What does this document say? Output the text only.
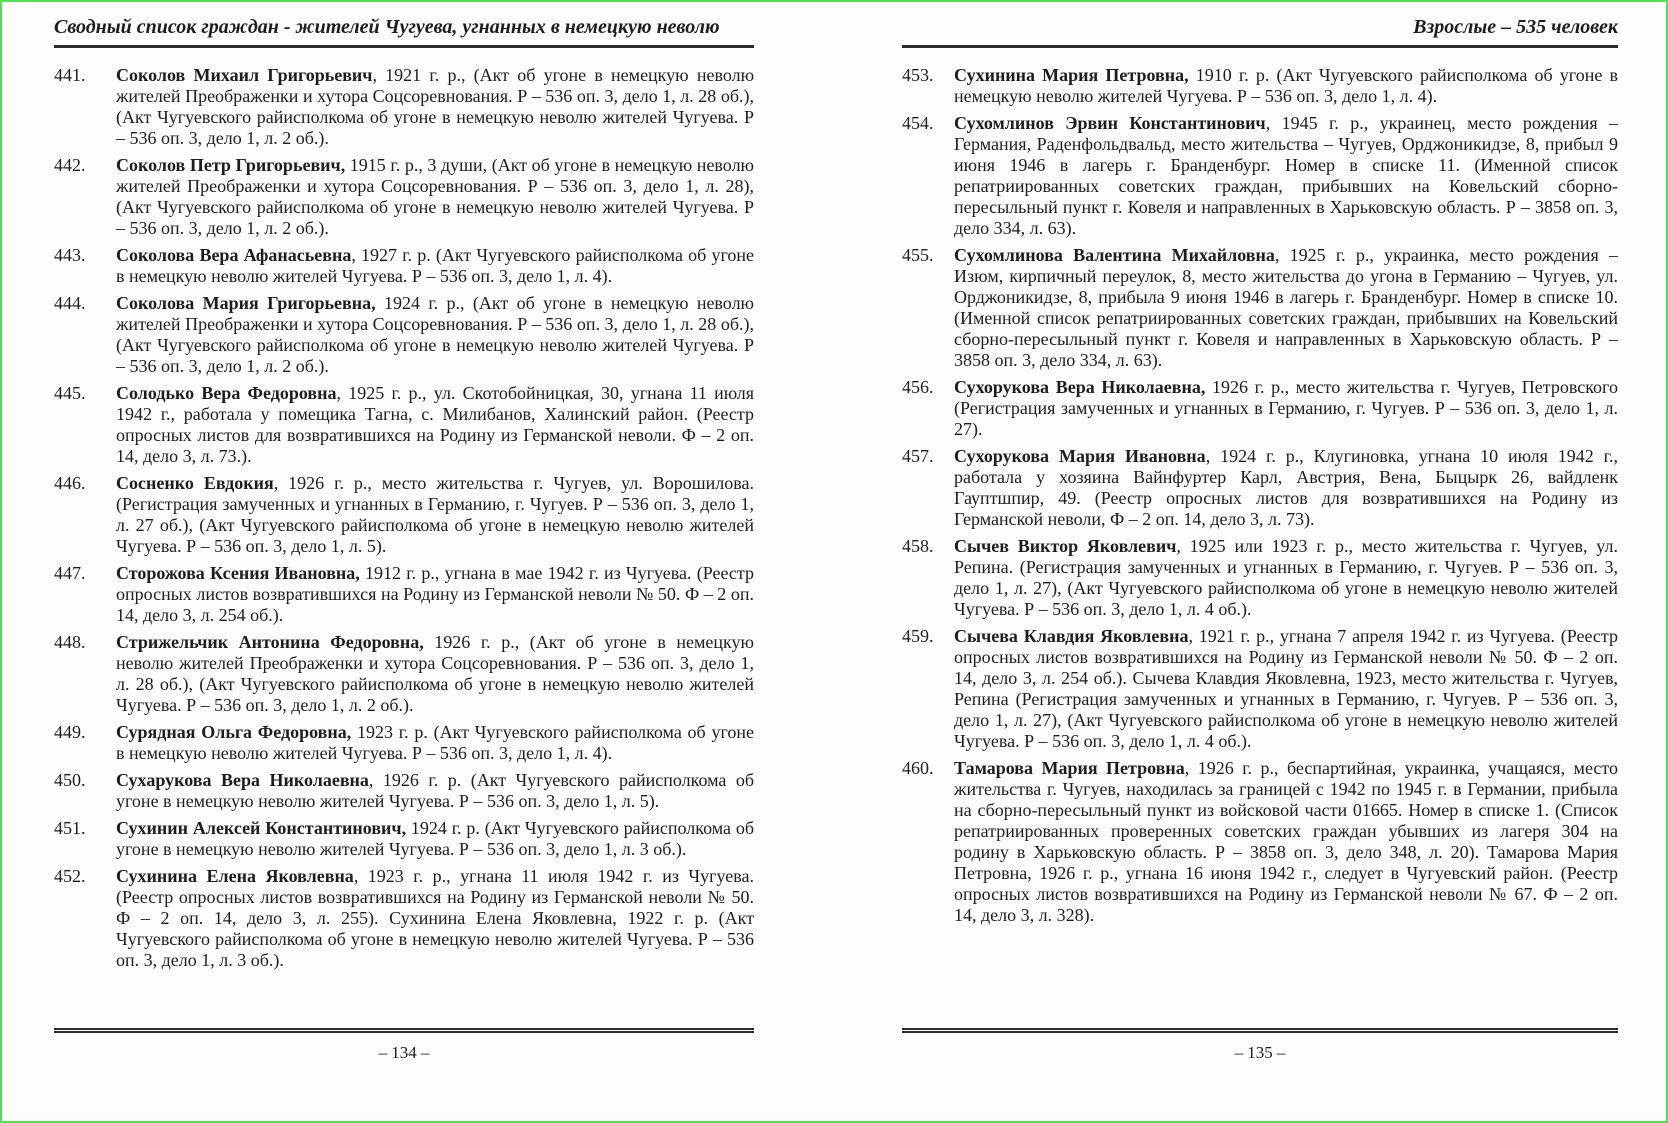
Сводный список граждан - жителей Чугуева, угнанных в немецкую неволю
441.	Соколов Михаил Григорьевич, 1921 г. р., (Акт об угоне в немецкую неволю жителей Преображенки и хутора Соцсоревнования. Р – 536 оп. 3, дело 1, л. 28 об.), (Акт Чугуевского райисполкома об угоне в немецкую неволю жителей Чугуева. Р – 536 оп. 3, дело 1, л. 2 об.).

442.	Соколов Петр Григорьевич, 1915 г. р., 3 души, (Акт об угоне в немецкую неволю жителей Преображенки и хутора Соцсоревнования. Р – 536 оп. 3, дело 1, л. 28), (Акт Чугуевского райисполкома об угоне в немецкую неволю жителей Чугуева. Р – 536 оп. 3, дело 1, л. 2 об.).

443.	Соколова Вера Афанасьевна, 1927 г. р. (Акт Чугуевского райисполкома об угоне в немецкую неволю жителей Чугуева. Р – 536 оп. 3, дело 1, л. 4).

444.	Соколова Мария Григорьевна, 1924 г. р., (Акт об угоне в немецкую неволю жителей Преображенки и хутора Соцсоревнования. Р – 536 оп. 3, дело 1, л. 28 об.), (Акт Чугуевского райисполкома об угоне в немецкую неволю жителей Чугуева. Р – 536 оп. 3, дело 1, л. 2 об.).

445.	Солодько Вера Федоровна, 1925 г. р., ул. Скотобойницкая, 30, угнана 11 июля 1942 г., работала у помещика Тагна, с. Милибанов, Халинский район. (Реестр опросных листов для возвратившихся на Родину из Германской неволи. Ф – 2 оп. 14, дело 3, л. 73.).

446.	Сосненко Евдокия, 1926 г. р., место жительства г. Чугуев, ул. Ворошилова. (Регистрация замученных и угнанных в Германию, г. Чугуев. Р – 536 оп. 3, дело 1, л. 27 об.), (Акт Чугуевского райисполкома об угоне в немецкую неволю жителей Чугуева. Р – 536 оп. 3, дело 1, л. 5).

447.	Сторожова Ксения Ивановна, 1912 г. р., угнана в мае 1942 г. из Чугуева. (Реестр опросных листов возвратившихся на Родину из Германской неволи № 50. Ф – 2 оп. 14, дело 3, л. 254 об.).

448.	Стрижельчик Антонина Федоровна, 1926 г. р., (Акт об угоне в немецкую неволю жителей Преображенки и хутора Соцсоревнования. Р – 536 оп. 3, дело 1, л. 28 об.), (Акт Чугуевского райисполкома об угоне в немецкую неволю жителей Чугуева. Р – 536 оп. 3, дело 1, л. 2 об.).

449.	Сурядная Ольга Федоровна, 1923 г. р. (Акт Чугуевского райисполкома об угоне в немецкую неволю жителей Чугуева. Р – 536 оп. 3, дело 1, л. 4).

450.	Сухарукова Вера Николаевна, 1926 г. р. (Акт Чугуевского райисполкома об угоне в немецкую неволю жителей Чугуева. Р – 536 оп. 3, дело 1, л. 5).

451.	Сухинин Алексей Константинович, 1924 г. р. (Акт Чугуевского райисполкома об угоне в немецкую неволю жителей Чугуева. Р – 536 оп. 3, дело 1, л. 3 об.).

452.	Сухинина Елена Яковлевна, 1923 г. р., угнана 11 июля 1942 г. из Чугуева. (Реестр опросных листов возвратившихся на Родину из Германской неволи № 50. Ф – 2 оп. 14, дело 3, л. 255). Сухинина Елена Яковлевна, 1922 г. р. (Акт Чугуевского райисполкома об угоне в немецкую неволю жителей Чугуева. Р – 536 оп. 3, дело 1, л. 3 об.).

– 134 –
Взрослые – 535 человек
453.	Сухинина Мария Петровна, 1910 г. р. (Акт Чугуевского райисполкома об угоне в немецкую неволю жителей Чугуева. Р – 536 оп. 3, дело 1, л. 4).

454.	Сухомлинов Эрвин Константинович, 1945 г. р., украинец, место рождения – Германия, Раденфольдвальд, место жительства – Чугуев, Орджоникидзе, 8, прибыл 9 июня 1946 в лагерь г. Бранденбург. Номер в списке 11. (Именной список репатриированных советских граждан, прибывших на Ковельский сборно-пересыльный пункт г. Ковеля и направленных в Харьковскую область. Р – 3858 оп. 3, дело 334, л. 63).

455.	Сухомлинова Валентина Михайловна, 1925 г. р., украинка, место рождения – Изюм, кирпичный переулок, 8, место жительства до угона в Германию – Чугуев, ул. Орджоникидзе, 8, прибыла 9 июня 1946 в лагерь г. Бранденбург. Номер в списке 10. (Именной список репатриированных советских граждан, прибывших на Ковельский сборно-пересыльный пункт г. Ковеля и направленных в Харьковскую область. Р – 3858 оп. 3, дело 334, л. 63).

456.	Сухорукова Вера Николаевна, 1926 г. р., место жительства г. Чугуев, Петровского (Регистрация замученных и угнанных в Германию, г. Чугуев. Р – 536 оп. 3, дело 1, л. 27).

457.	Сухорукова Мария Ивановна, 1924 г. р., Клугиновка, угнана 10 июля 1942 г., работала у хозяина Вайнфуртер Карл, Австрия, Вена, Быцырк 26, вайдленк Гауптшпир, 49. (Реестр опросных листов для возвратившихся на Родину из Германской неволи, Ф – 2 оп. 14, дело 3, л. 73).

458.	Сычев Виктор Яковлевич, 1925 или 1923 г. р., место жительства г. Чугуев, ул. Репина. (Регистрация замученных и угнанных в Германию, г. Чугуев. Р – 536 оп. 3, дело 1, л. 27), (Акт Чугуевского райисполкома об угоне в немецкую неволю жителей Чугуева. Р – 536 оп. 3, дело 1, л. 4 об.).

459.	Сычева Клавдия Яковлевна, 1921 г. р., угнана 7 апреля 1942 г. из Чугуева. (Реестр опросных листов возвратившихся на Родину из Германской неволи № 50. Ф – 2 оп. 14, дело 3, л. 254 об.). Сычева Клавдия Яковлевна, 1923, место жительства г. Чугуев, Репина (Регистрация замученных и угнанных в Германию, г. Чугуев. Р – 536 оп. 3, дело 1, л. 27), (Акт Чугуевского райисполкома об угоне в немецкую неволю жителей Чугуева. Р – 536 оп. 3, дело 1, л. 4 об.).

460.	Тамарова Мария Петровна, 1926 г. р., беспартийная, украинка, учащаяся, место жительства г. Чугуев, находилась за границей с 1942 по 1945 г. в Германии, прибыла на сборно-пересыльный пункт из войсковой части 01665. Номер в списке 1. (Список репатриированных проверенных советских граждан убывших из лагеря 304 на родину в Харьковскую область. Р – 3858 оп. 3, дело 348, л. 20). Тамарова Мария Петровна, 1926 г. р., угнана 16 июня 1942 г., следует в Чугуевский район. (Реестр опросных листов возвратившихся на Родину из Германской неволи № 67. Ф – 2 оп. 14, дело 3, л. 328).

– 135 –
